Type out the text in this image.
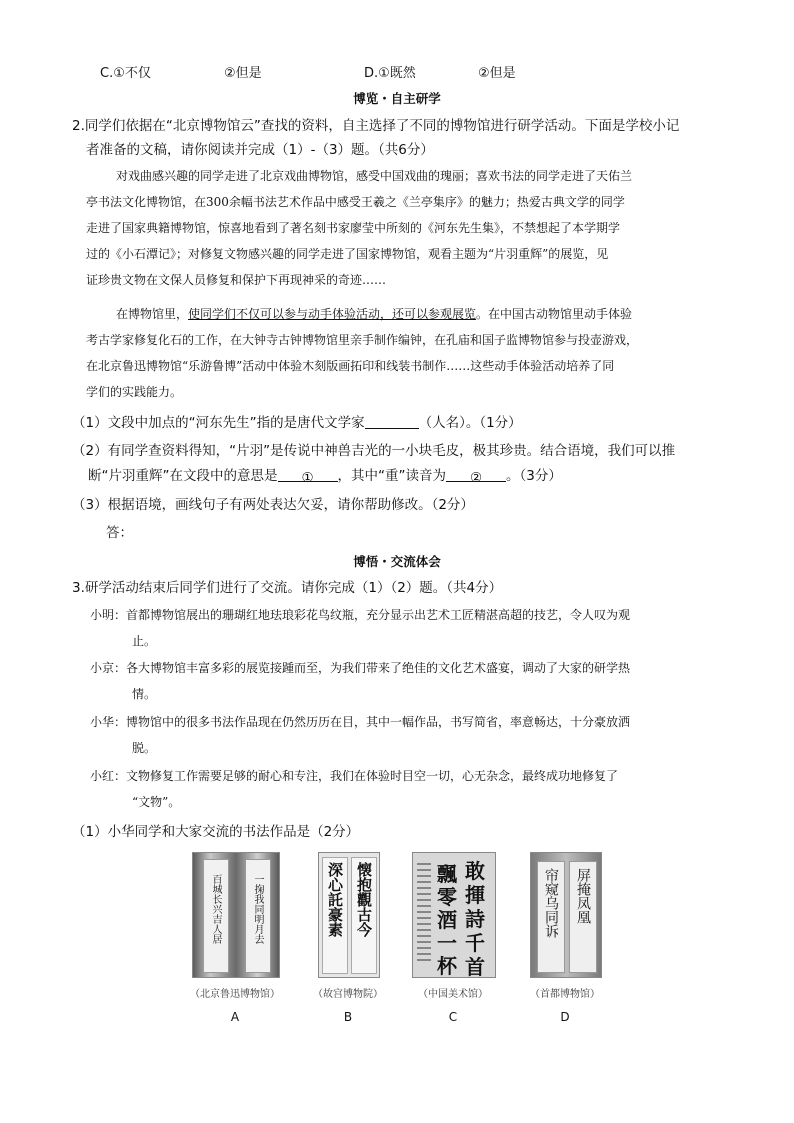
C.①不仅	②但是	D.①既然	②但是
博览・自主研学
2.同学们依据在“北京博物馆云”查找的资料，自主选择了不同的博物馆进行研学活动。下面是学校小记
者准备的文稿，请你阅读并完成（1）-（3）题。（共6分）
对戏曲感兴趣的同学走进了北京戏曲博物馆，感受中国戏曲的瑰丽；喜欢书法的同学走进了天佑兰
亭书法文化博物馆，在300余幅书法艺术作品中感受王羲之《兰亭集序》的魅力；热爱古典文学的同学
走进了国家典籍博物馆，惊喜地看到了著名刻书家廖莹中所刻的《河东先生集》，不禁想起了本学期学
过的《小石潭记》；对修复文物感兴趣的同学走进了国家博物馆，观看主题为“片羽重辉”的展览，见
证珍贵文物在文保人员修复和保护下再现神采的奇迹……
在博物馆里，使同学们不仅可以参与动手体验活动，还可以参观展览。在中国古动物馆里动手体验
考古学家修复化石的工作，在大钟寺古钟博物馆里亲手制作编钟，在孔庙和国子监博物馆参与投壶游戏，
在北京鲁迅博物馆“乐游鲁博”活动中体验木刻版画拓印和线装书制作……这些动手体验活动培养了同
学们的实践能力。
（1）文段中加点的“河东先生”指的是唐代文学家	（人名）。（1分）
（2）有同学查资料得知，“片羽”是传说中神兽吉光的一小块毛皮，极其珍贵。结合语境，我们可以推
断“片羽重辉”在文段中的意思是 ① ，其中“重”读音为 ② 。（3分）
（3）根据语境，画线句子有两处表达欠妥，请你帮助修改。（2分）
答：
博悟・交流体会
3.研学活动结束后同学们进行了交流。请你完成（1）（2）题。（共4分）
小明：首都博物馆展出的珊瑚红地珐琅彩花鸟纹瓶，充分显示出艺术工匠精湛高超的技艺，令人叹为观
止。
小京：各大博物馆丰富多彩的展览接踵而至，为我们带来了绝佳的文化艺术盛宴，调动了大家的研学热
情。
小华：博物馆中的很多书法作品现在仍然历历在目，其中一幅作品，书写简省，率意畅达，十分豪放洒
脱。
小红：文物修复工作需要足够的耐心和专注，我们在体验时目空一切，心无杂念，最终成功地修复了
“文物”。
（1）小华同学和大家交流的书法作品是（2分）
百城长兴吉人居	一掬我同明月去
（北京鲁迅博物馆）
A
深心託豪素 懐抱觀古今
（故宫博物院）
B
敢
揮
詩
千
首
飄
零
酒
一
杯
（中国美术馆）
C
帘窥乌同诉	屏掩凤凰
（首都博物馆）
D
